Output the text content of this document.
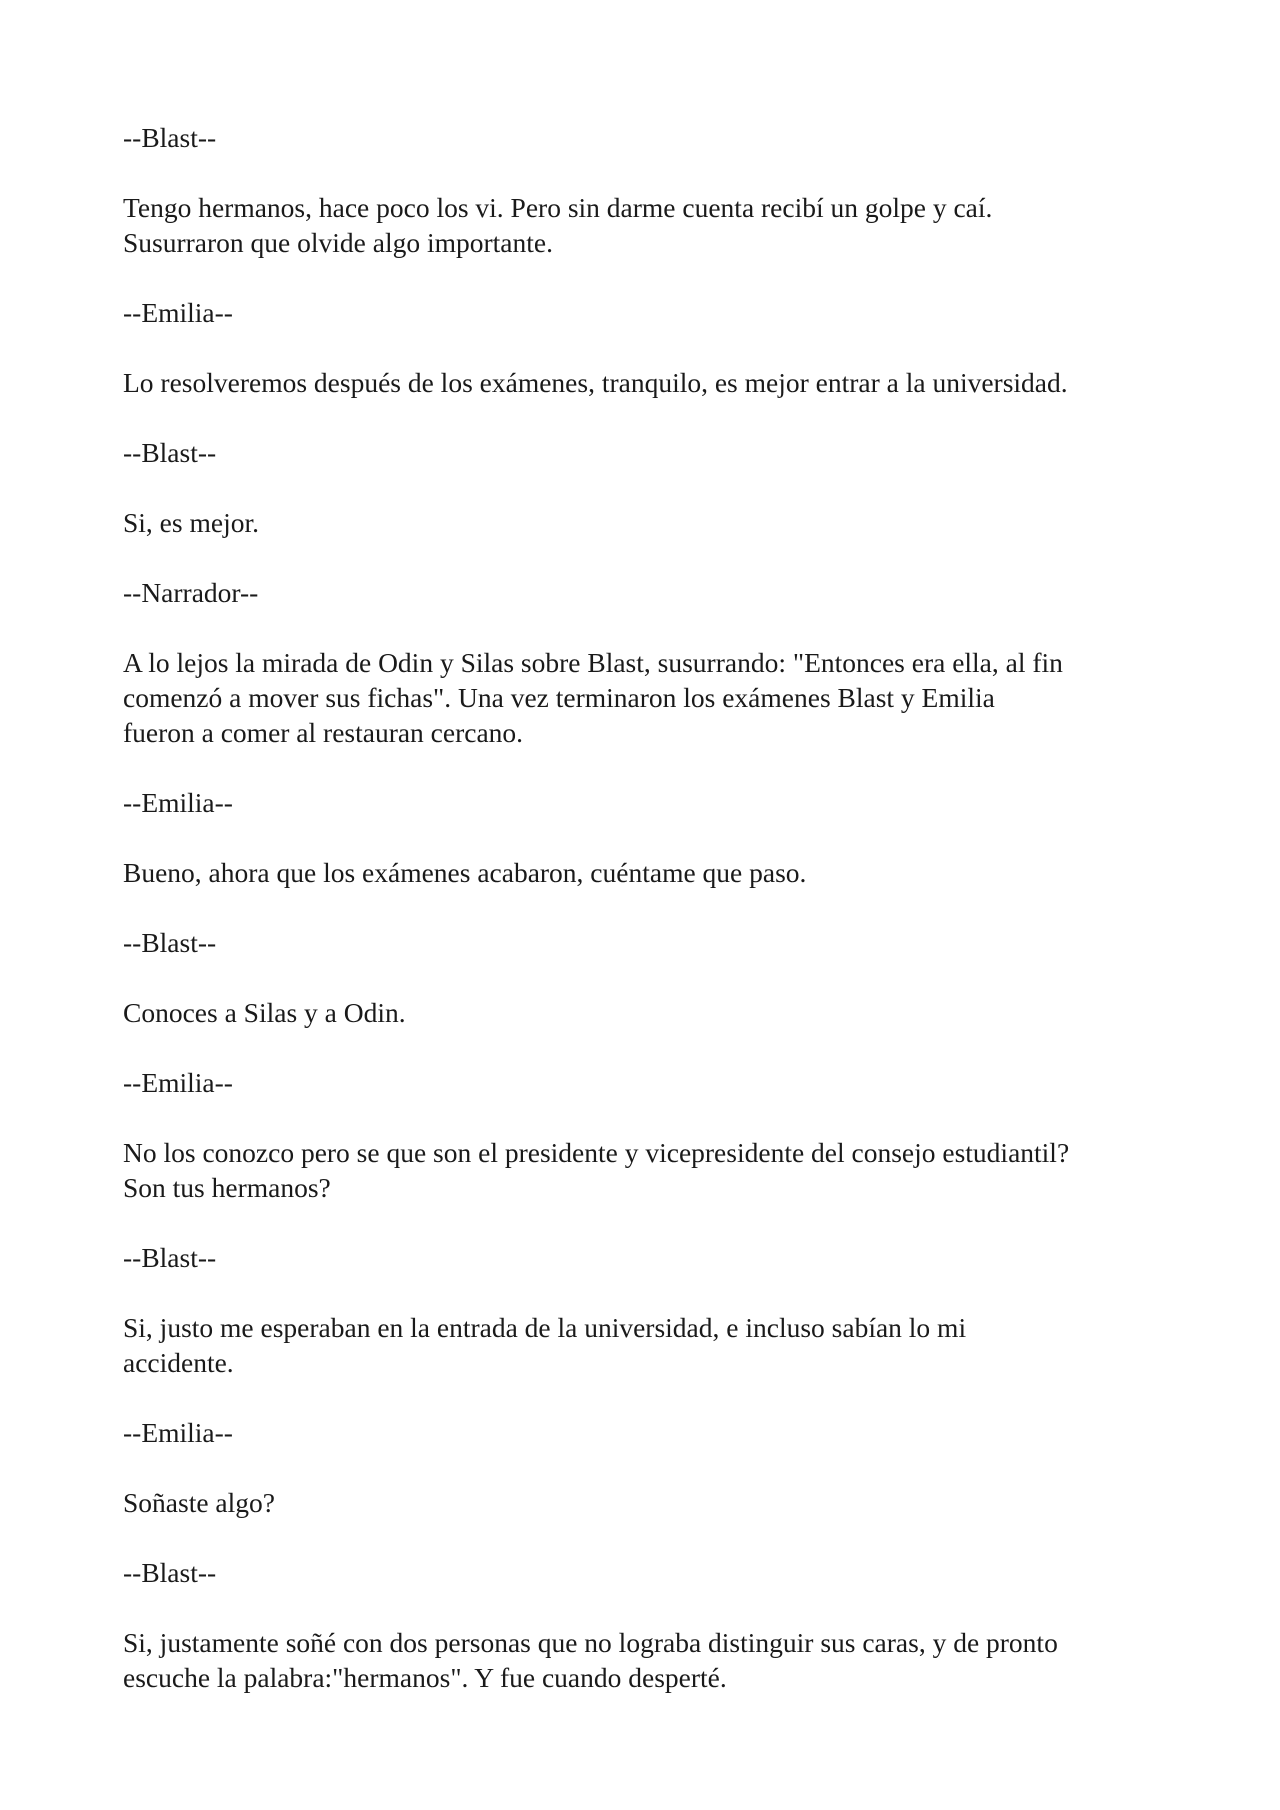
--Blast--

Tengo hermanos, hace poco los vi. Pero sin darme cuenta recibí un golpe y caí.
Susurraron que olvide algo importante.

--Emilia--

Lo resolveremos después de los exámenes, tranquilo, es mejor entrar a la universidad.

--Blast--

Si, es mejor.

--Narrador--

A lo lejos la mirada de Odin y Silas sobre Blast, susurrando: "Entonces era ella, al fin
comenzó a mover sus fichas". Una vez terminaron los exámenes Blast y Emilia
fueron a comer al restauran cercano.

--Emilia--

Bueno, ahora que los exámenes acabaron, cuéntame que paso.

--Blast--

Conoces a Silas y a Odin.

--Emilia--

No los conozco pero se que son el presidente y vicepresidente del consejo estudiantil?
Son tus hermanos?

--Blast--

Si, justo me esperaban en la entrada de la universidad, e incluso sabían lo mi
accidente.

--Emilia--

Soñaste algo?

--Blast--

Si, justamente soñé con dos personas que no lograba distinguir sus caras, y de pronto
escuche la palabra:"hermanos". Y fue cuando desperté.
